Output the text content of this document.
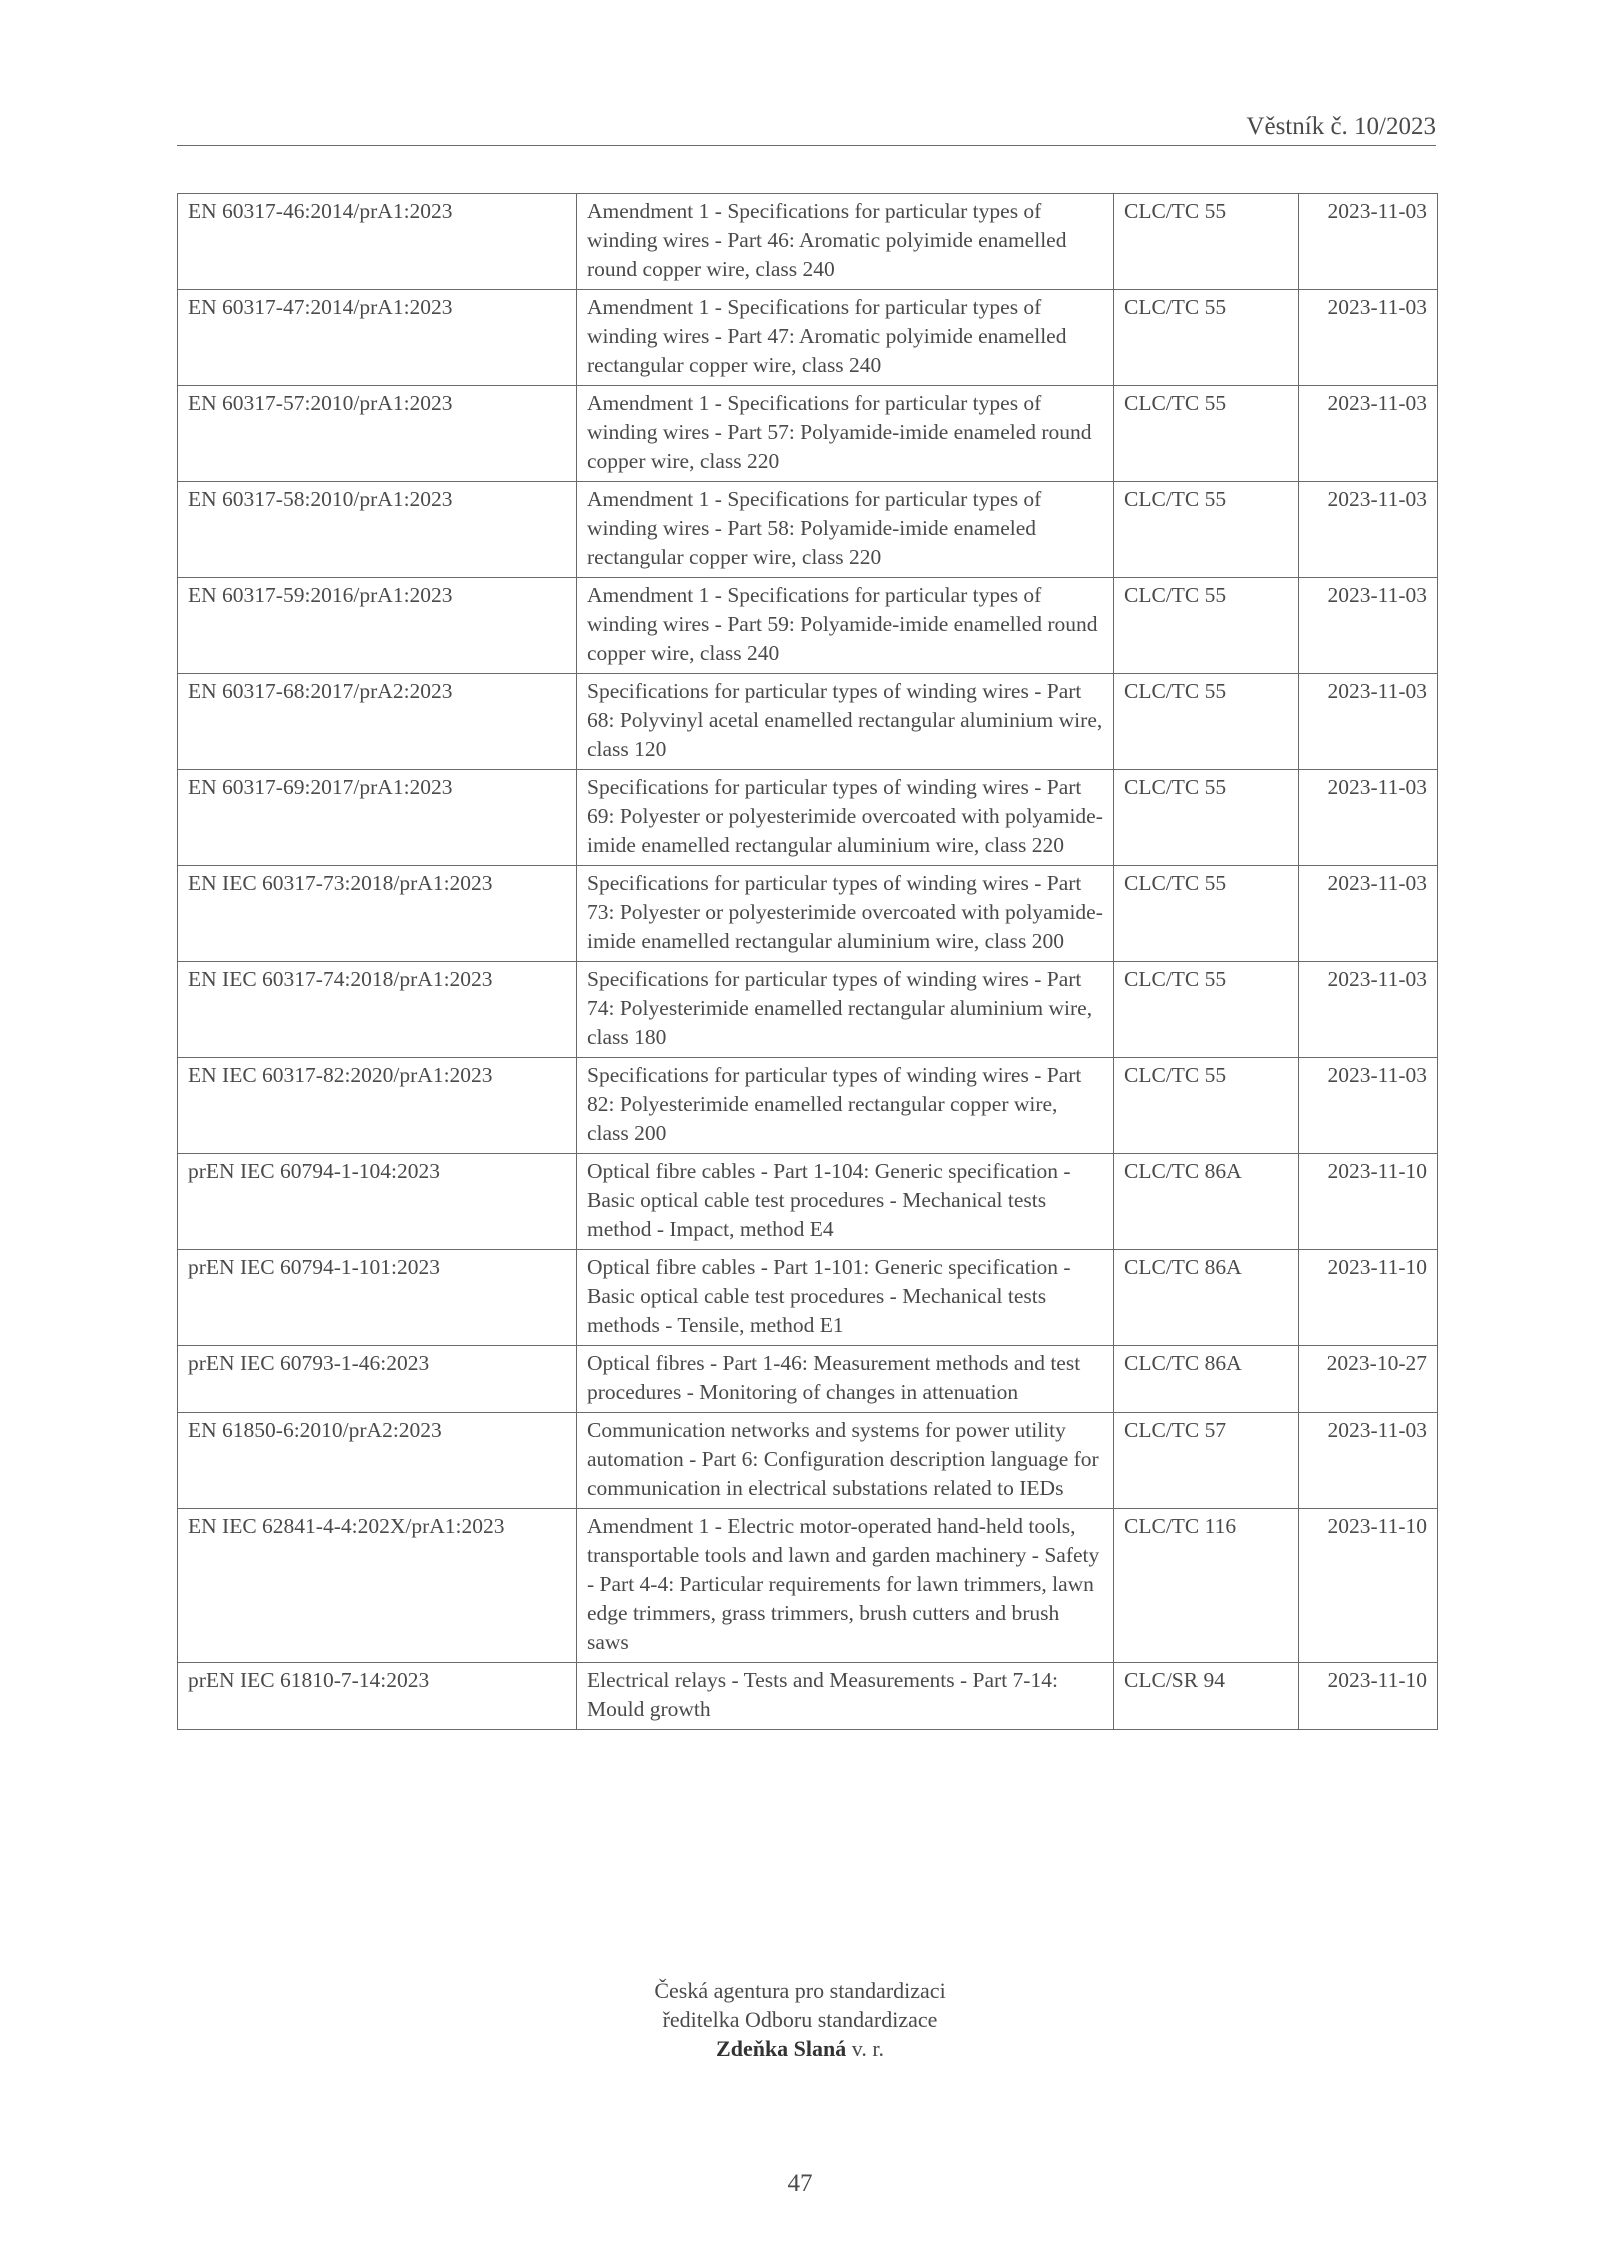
Věstník č. 10/2023
EN 60317-46:2014/prA1:2023	Amendment 1 - Specifications for particular types of winding wires - Part 46: Aromatic polyimide enamelled round copper wire, class 240	CLC/TC 55	2023-11-03
EN 60317-47:2014/prA1:2023	Amendment 1 - Specifications for particular types of winding wires - Part 47: Aromatic polyimide enamelled rectangular copper wire, class 240	CLC/TC 55	2023-11-03
EN 60317-57:2010/prA1:2023	Amendment 1 - Specifications for particular types of winding wires - Part 57: Polyamide-imide enameled round copper wire, class 220	CLC/TC 55	2023-11-03
EN 60317-58:2010/prA1:2023	Amendment 1 - Specifications for particular types of winding wires - Part 58: Polyamide-imide enameled rectangular copper wire, class 220	CLC/TC 55	2023-11-03
EN 60317-59:2016/prA1:2023	Amendment 1 - Specifications for particular types of winding wires - Part 59: Polyamide-imide enamelled round copper wire, class 240	CLC/TC 55	2023-11-03
EN 60317-68:2017/prA2:2023	Specifications for particular types of winding wires - Part 68: Polyvinyl acetal enamelled rectangular aluminium wire, class 120	CLC/TC 55	2023-11-03
EN 60317-69:2017/prA1:2023	Specifications for particular types of winding wires - Part 69: Polyester or polyesterimide overcoated with polyamide-imide enamelled rectangular aluminium wire, class 220	CLC/TC 55	2023-11-03
EN IEC 60317-73:2018/prA1:2023	Specifications for particular types of winding wires - Part 73: Polyester or polyesterimide overcoated with polyamide-imide enamelled rectangular aluminium wire, class 200	CLC/TC 55	2023-11-03
EN IEC 60317-74:2018/prA1:2023	Specifications for particular types of winding wires - Part 74: Polyesterimide enamelled rectangular aluminium wire, class 180	CLC/TC 55	2023-11-03
EN IEC 60317-82:2020/prA1:2023	Specifications for particular types of winding wires - Part 82: Polyesterimide enamelled rectangular copper wire, class 200	CLC/TC 55	2023-11-03
prEN IEC 60794-1-104:2023	Optical fibre cables - Part 1-104: Generic specification - Basic optical cable test procedures - Mechanical tests method - Impact, method E4	CLC/TC 86A	2023-11-10
prEN IEC 60794-1-101:2023	Optical fibre cables - Part 1-101: Generic specification - Basic optical cable test procedures - Mechanical tests methods - Tensile, method E1	CLC/TC 86A	2023-11-10
prEN IEC 60793-1-46:2023	Optical fibres - Part 1-46: Measurement methods and test procedures - Monitoring of changes in attenuation	CLC/TC 86A	2023-10-27
EN 61850-6:2010/prA2:2023	Communication networks and systems for power utility automation - Part 6: Configuration description language for communication in electrical substations related to IEDs	CLC/TC 57	2023-11-03
EN IEC 62841-4-4:202X/prA1:2023	Amendment 1 - Electric motor-operated hand-held tools, transportable tools and lawn and garden machinery - Safety - Part 4-4: Particular requirements for lawn trimmers, lawn edge trimmers, grass trimmers, brush cutters and brush saws	CLC/TC 116	2023-11-10
prEN IEC 61810-7-14:2023	Electrical relays - Tests and Measurements - Part 7-14: Mould growth	CLC/SR 94	2023-11-10
Česká agentura pro standardizaci
ředitelka Odboru standardizace
Zdeňka Slaná v. r.
47
